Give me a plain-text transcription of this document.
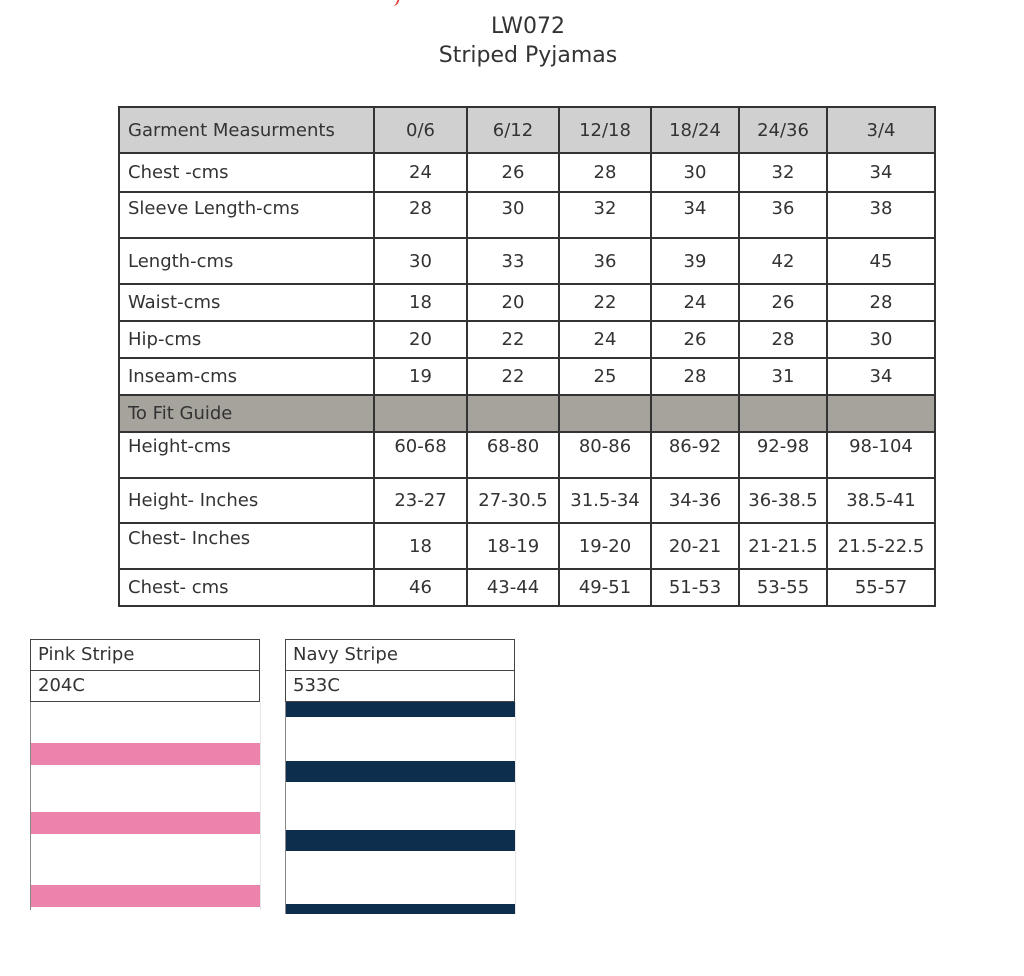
LW072
Striped Pyjamas
Garment Measurments	0/6	6/12	12/18	18/24	24/36	3/4
Chest -cms	24	26	28	30	32	34
Sleeve Length-cms	28	30	32	34	36	38
Length-cms	30	33	36	39	42	45
Waist-cms	18	20	22	24	26	28
Hip-cms	20	22	24	26	28	30
Inseam-cms	19	22	25	28	31	34
To Fit Guide						
Height-cms	60-68	68-80	80-86	86-92	92-98	98-104
Height- Inches	23-27	27-30.5	31.5-34	34-36	36-38.5	38.5-41
Chest- Inches	18	18-19	19-20	20-21	21-21.5	21.5-22.5
Chest- cms	46	43-44	49-51	51-53	53-55	55-57
Pink Stripe
204C
Navy Stripe
533C
